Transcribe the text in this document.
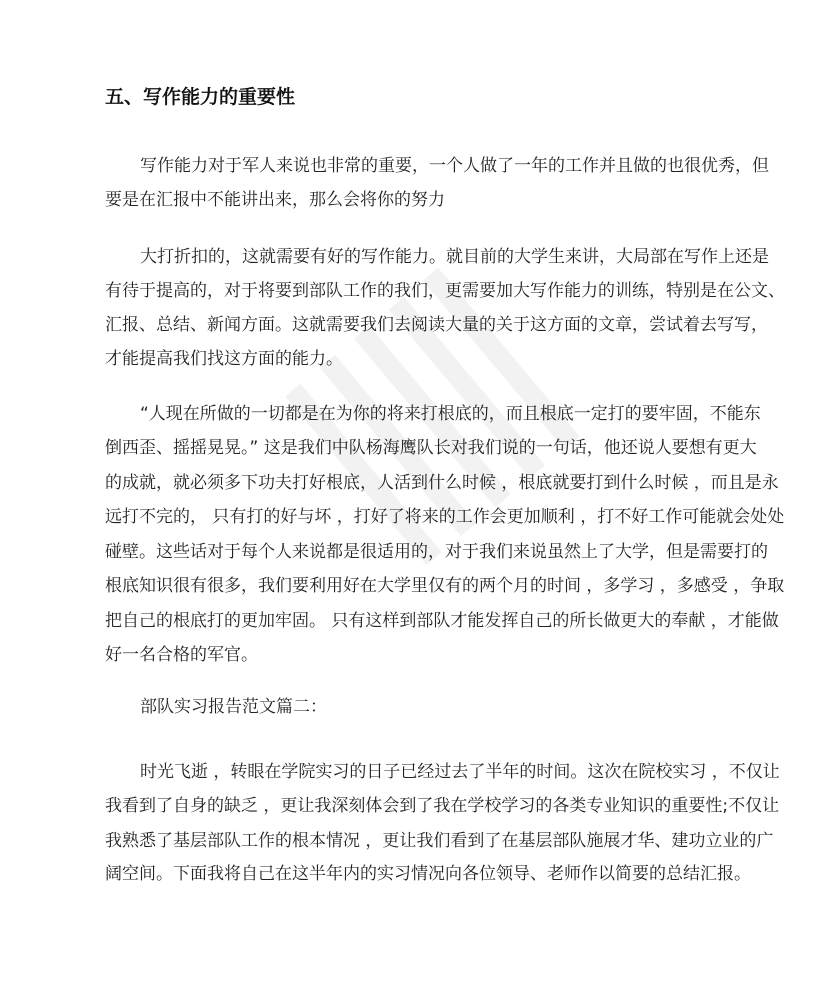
五、写作能力的重要性
写作能力对于军人来说也非常的重要，一个人做了一年的工作并且做的也很优秀，但
要是在汇报中不能讲出来，那么会将你的努力
大打折扣的，这就需要有好的写作能力。就目前的大学生来讲，大局部在写作上还是
有待于提高的，对于将要到部队工作的我们，更需要加大写作能力的训练，特别是在公文、
汇报、总结、新闻方面。这就需要我们去阅读大量的关于这方面的文章，尝试着去写写，
才能提高我们找这方面的能力。
“人现在所做的一切都是在为你的将来打根底的，而且根底一定打的要牢固，不能东
倒西歪、摇摇晃晃。” 这是我们中队杨海鹰队长对我们说的一句话，他还说人要想有更大
的成就，就必须多下功夫打好根底，人活到什么时候 ，根底就要打到什么时候 ，而且是永
远打不完的， 只有打的好与坏 ，打好了将来的工作会更加顺利 ，打不好工作可能就会处处
碰壁。这些话对于每个人来说都是很适用的，对于我们来说虽然上了大学，但是需要打的
根底知识很有很多，我们要利用好在大学里仅有的两个月的时间 ，多学习 ，多感受 ，争取
把自己的根底打的更加牢固。 只有这样到部队才能发挥自己的所长做更大的奉献 ，才能做
好一名合格的军官。
部队实习报告范文篇二：
时光飞逝 ，转眼在学院实习的日子已经过去了半年的时间。这次在院校实习 ，不仅让
我看到了自身的缺乏 ，更让我深刻体会到了我在学校学习的各类专业知识的重要性;不仅让
我熟悉了基层部队工作的根本情况 ，更让我们看到了在基层部队施展才华、建功立业的广
阔空间。下面我将自己在这半年内的实习情况向各位领导、老师作以简要的总结汇报。
